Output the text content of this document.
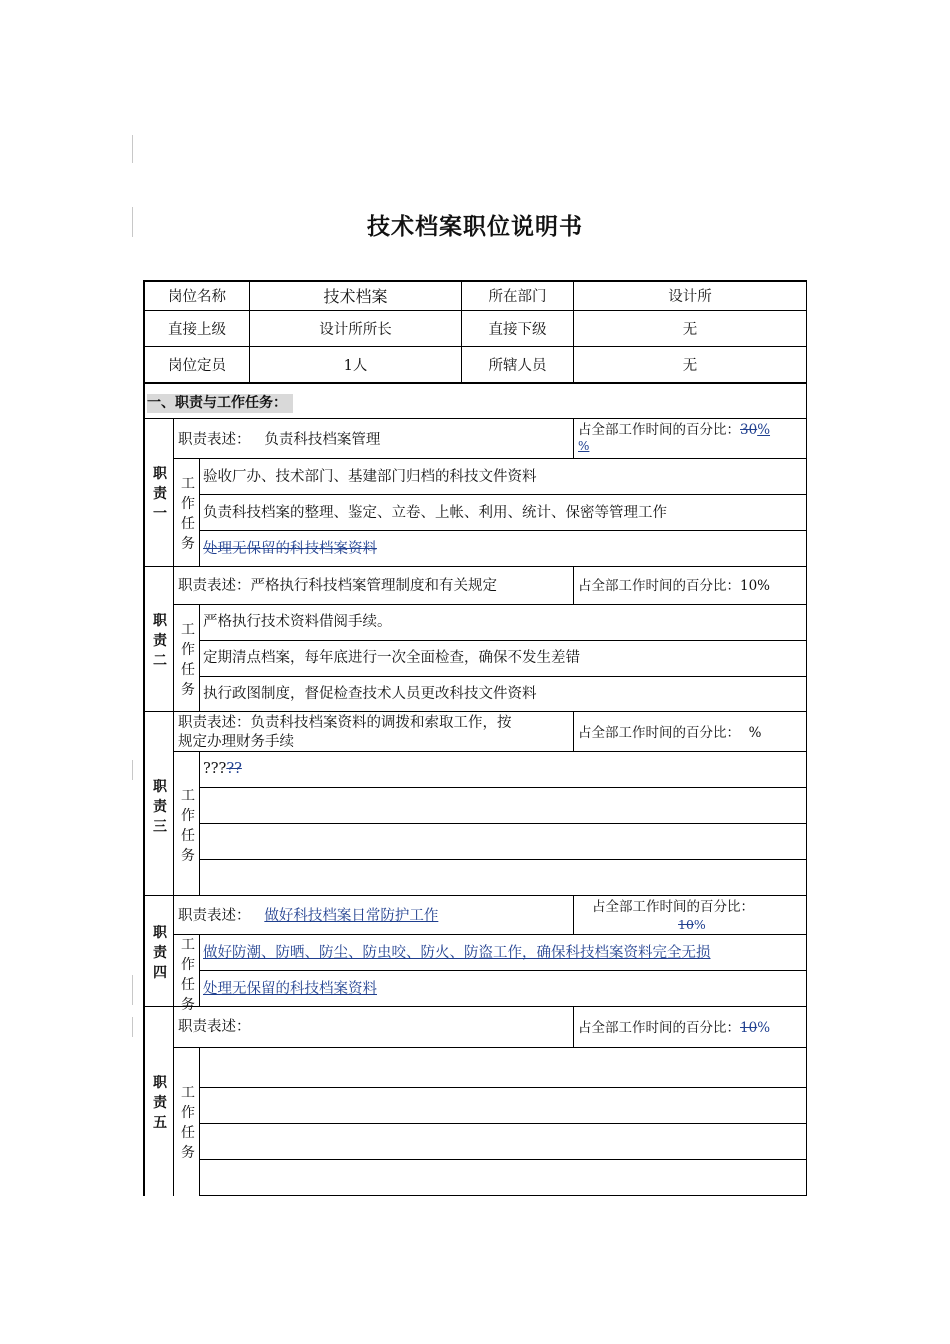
技术档案职位说明书
岗位名称	技术档案	所在部门	设计所
直接上级	设计所所长	直接下级	无
岗位定员	1人	所辖人员	无
一、职责与工作任务：
职责一
职责表述： 负责科技档案管理
占全部工作时间的百分比：30%
%
工作任务
验收厂办、技术部门、基建部门归档的科技文件资料
负责科技档案的整理、鉴定、立卷、上帐、利用、统计、保密等管理工作
处理无保留的科技档案资料
职责二
职责表述：严格执行科技档案管理制度和有关规定	占全部工作时间的百分比：10%
工作任务
严格执行技术资料借阅手续。
定期清点档案，每年底进行一次全面检查，确保不发生差错
执行政图制度，督促检查技术人员更改科技文件资料
职责三
职责表述：负责科技档案资料的调拨和索取工作，按
规定办理财务手续
占全部工作时间的百分比： %
工作任务
?????
职责四
职责表述： 做好科技档案日常防护工作
占全部工作时间的百分比：
10%
工作任务
做好防潮、防晒、防尘、防虫咬、防火、防盗工作，确保科技档案资料完全无损
处理无保留的科技档案资料
职责五
职责表述：	占全部工作时间的百分比：10%
工作任务
